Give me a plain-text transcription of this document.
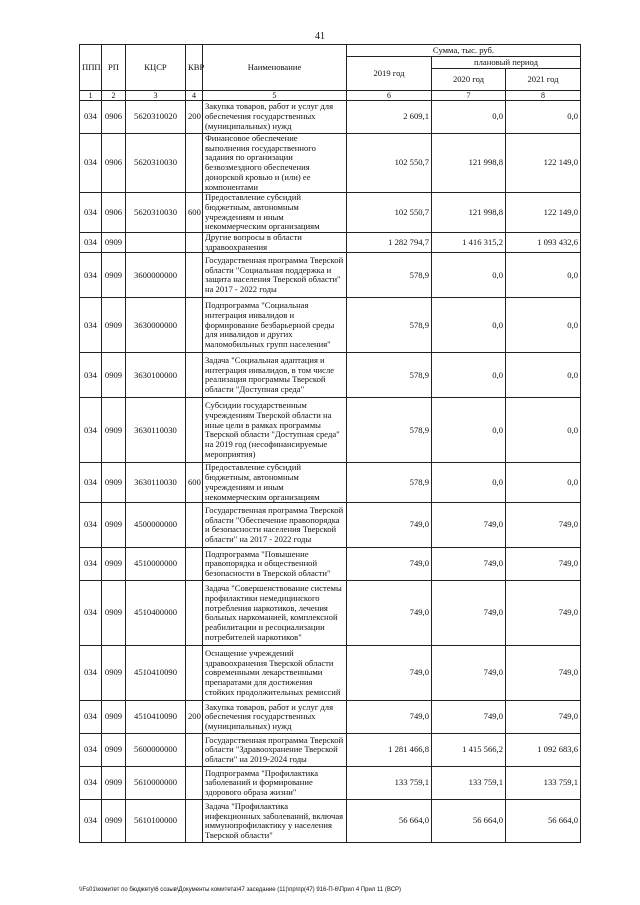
41
ППП	РП	КЦСР	КВР	Наименование	Сумма, тыс. руб.		
					2019 год	плановый период	
						2020 год	2021 год
1	2	3	4	5	6	7	8
034	0906	5620310020	200	Закупка товаров, работ и услуг для обеспечения государственных (муниципальных) нужд	2 609,1	0,0	0,0
034	0906	5620310030		Финансовое обеспечение выполнения государственного задания по организации безвозмездного обеспечения донорской кровью и (или) ее компонентами	102 550,7	121 998,8	122 149,0
034	0906	5620310030	600	Предоставление субсидий бюджетным, автономным учреждениям и иным некоммерческим организациям	102 550,7	121 998,8	122 149,0
034	0909			Другие вопросы в области здравоохранения	1 282 794,7	1 416 315,2	1 093 432,6
034	0909	3600000000		Государственная программа Тверской области "Социальная поддержка и защита населения Тверской области" на 2017 - 2022 годы	578,9	0,0	0,0
034	0909	3630000000		Подпрограмма "Социальная интеграция инвалидов и формирование безбарьерной среды для инвалидов и других маломобильных групп населения"	578,9	0,0	0,0
034	0909	3630100000		Задача "Социальная адаптация и интеграция инвалидов, в том числе реализация программы Тверской области "Доступная среда"	578,9	0,0	0,0
034	0909	3630110030		Субсидии государственным учреждениям Тверской области на иные цели в рамках программы Тверской области "Доступная среда" на 2019 год (несофинансируемые мероприятия)	578,9	0,0	0,0
034	0909	3630110030	600	Предоставление субсидий бюджетным, автономным учреждениям и иным некоммерческим организациям	578,9	0,0	0,0
034	0909	4500000000		Государственная программа Тверской области "Обеспечение правопорядка и безопасности населения Тверской области" на 2017 - 2022 годы	749,0	749,0	749,0
034	0909	4510000000		Подпрограмма "Повышение правопорядка и общественной безопасности в Тверской области"	749,0	749,0	749,0
034	0909	4510400000		Задача "Совершенствование системы профилактики немедицинского потребления наркотиков, лечения больных наркоманией, комплексной реабилитации и ресоциализации потребителей наркотиков"	749,0	749,0	749,0
034	0909	4510410090		Оснащение учреждений здравоохранения Тверской области современными лекарственными препаратами для достижения стойких продолжительных ремиссий	749,0	749,0	749,0
034	0909	4510410090	200	Закупка товаров, работ и услуг для обеспечения государственных (муниципальных) нужд	749,0	749,0	749,0
034	0909	5600000000		Государственная программа Тверской области "Здравоохранение Тверской области" на 2019-2024 годы	1 281 466,8	1 415 566,2	1 092 683,6
034	0909	5610000000		Подпрограмма "Профилактика заболеваний и формирование здорового образа жизни"	133 759,1	133 759,1	133 759,1
034	0909	5610100000		Задача "Профилактика инфекционных заболеваний, включая иммунопрофилактику у населения Тверской области"	56 664,0	56 664,0	56 664,0
\\Fs01\комитет по бюджету\6 созыв\Документы комитета\47 заседание (11)\пр\пр(47) 916-П-6\Прил 4 Прил 11 (ВСР)
